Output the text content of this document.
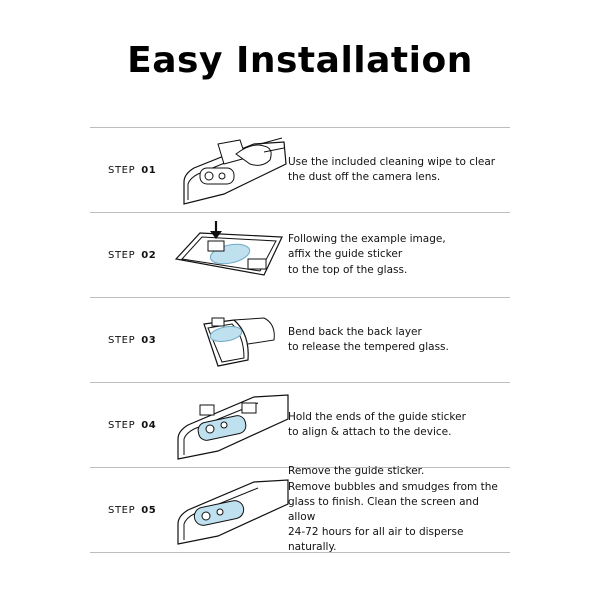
Easy Installation
STEP 01
Use the included cleaning wipe to clear
the dust off the camera lens.
STEP 02
Following the example image,
affix the guide sticker
to the top of the glass.
STEP 03
Bend back the back layer
to release the tempered glass.
STEP 04
Hold the ends of the guide sticker
to align & attach to the device.
STEP 05
Remove the guide sticker.
Remove bubbles and smudges from the
glass to finish. Clean the screen and allow
24-72 hours for all air to disperse naturally.
